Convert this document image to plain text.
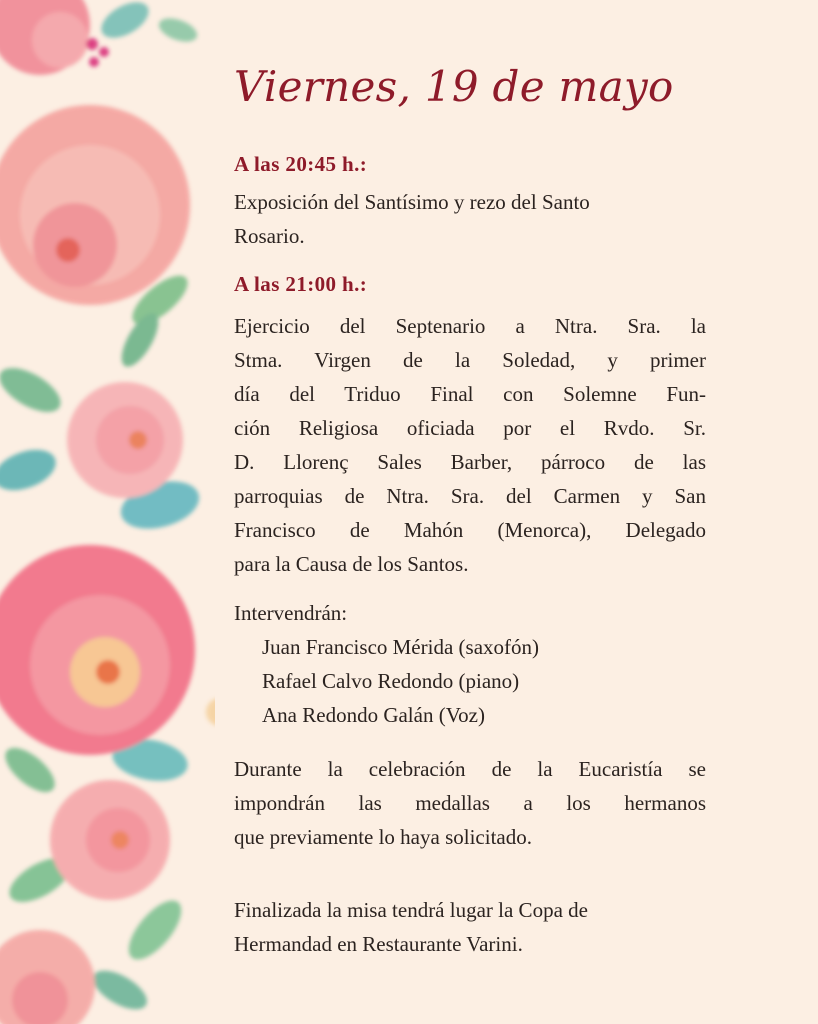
Viernes, 19 de mayo
A las 20:45 h.:
Exposición del Santísimo y rezo del Santo
Rosario.
A las 21:00 h.:
Ejercicio del Septenario a Ntra. Sra. la
Stma. Virgen de la Soledad, y primer
día del Triduo Final con Solemne Fun-
ción Religiosa oficiada por el Rvdo. Sr.
D. Llorenç Sales Barber, párroco de las
parroquias de Ntra. Sra. del Carmen y San
Francisco de Mahón (Menorca), Delegado
para la Causa de los Santos.
Intervendrán:
Juan Francisco Mérida (saxofón)
Rafael Calvo Redondo (piano)
Ana Redondo Galán (Voz)
Durante la celebración de la Eucaristía se
impondrán las medallas a los hermanos
que previamente lo haya solicitado.
Finalizada la misa tendrá lugar la Copa de
Hermandad en Restaurante Varini.
